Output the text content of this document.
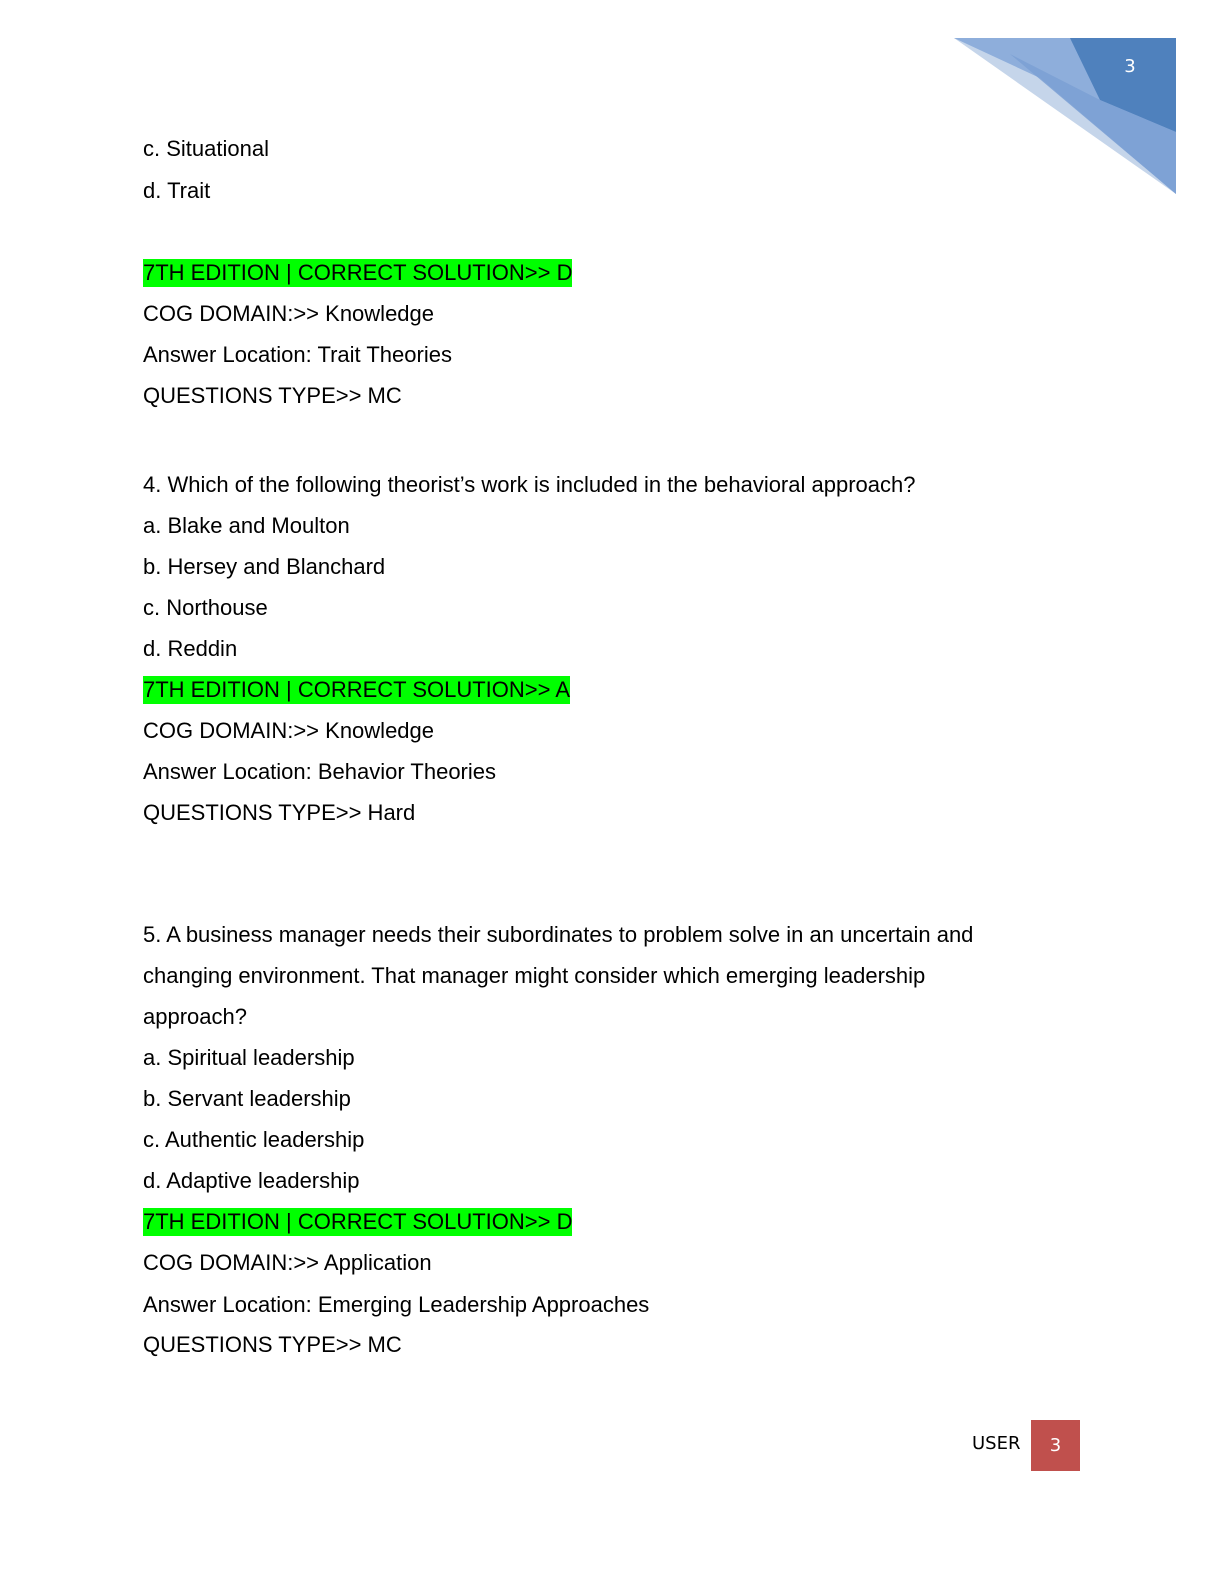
3
c. Situational
d. Trait
7TH EDITION | CORRECT SOLUTION>> D
COG DOMAIN:>> Knowledge
Answer Location: Trait Theories
QUESTIONS TYPE>> MC
4. Which of the following theorist’s work is included in the behavioral approach?
a. Blake and Moulton
b. Hersey and Blanchard
c. Northouse
d. Reddin
7TH EDITION | CORRECT SOLUTION>> A
COG DOMAIN:>> Knowledge
Answer Location: Behavior Theories
QUESTIONS TYPE>> Hard
5. A business manager needs their subordinates to problem solve in an uncertain and
changing environment. That manager might consider which emerging leadership
approach?
a. Spiritual leadership
b. Servant leadership
c. Authentic leadership
d. Adaptive leadership
7TH EDITION | CORRECT SOLUTION>> D
COG DOMAIN:>> Application
Answer Location: Emerging Leadership Approaches
QUESTIONS TYPE>> MC
USER	3
